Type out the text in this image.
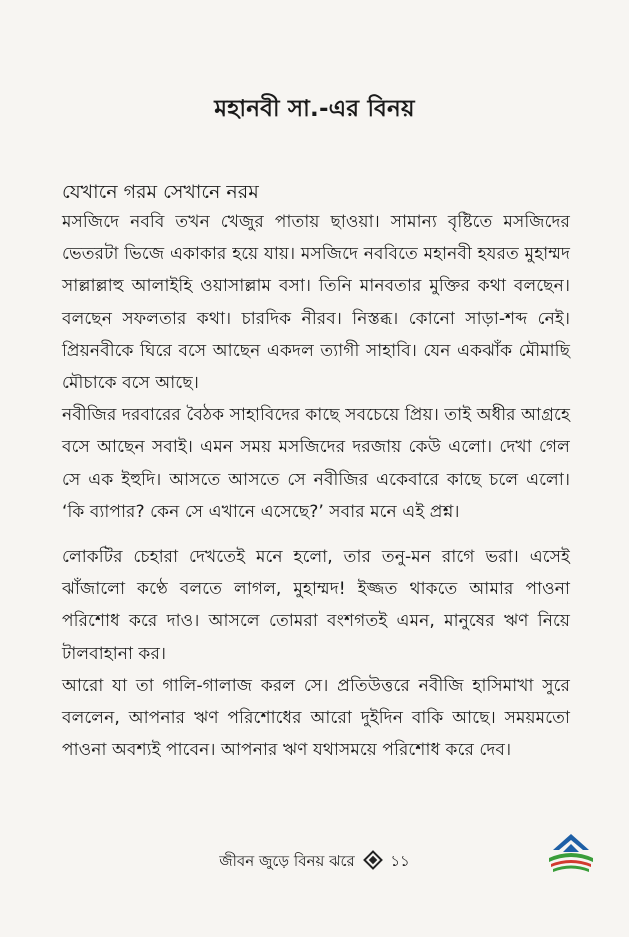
মহানবী সা.-এর বিনয়
যেখানে গরম সেখানে নরম

মসজিদে নববি তখন খেজুর পাতায় ছাওয়া। সামান্য বৃষ্টিতে মসজিদের ভেতরটা ভিজে একাকার হয়ে যায়। মসজিদে নববিতে মহানবী হযরত মুহাম্মদ সাল্লাল্লাহু আলাইহি ওয়াসাল্লাম বসা। তিনি মানবতার মুক্তির কথা বলছেন। বলছেন সফলতার কথা। চারদিক নীরব। নিস্তব্ধ। কোনো সাড়া-শব্দ নেই। প্রিয়নবীকে ঘিরে বসে আছেন একদল ত্যাগী সাহাবি। যেন একঝাঁক মৌমাছি মৌচাকে বসে আছে।

নবীজির দরবারের বৈঠক সাহাবিদের কাছে সবচেয়ে প্রিয়। তাই অধীর আগ্রহে বসে আছেন সবাই। এমন সময় মসজিদের দরজায় কেউ এলো। দেখা গেল সে এক ইহুদি। আসতে আসতে সে নবীজির একেবারে কাছে চলে এলো। ‘কি ব্যাপার? কেন সে এখানে এসেছে?’ সবার মনে এই প্রশ্ন।

লোকটির চেহারা দেখতেই মনে হলো, তার তনু-মন রাগে ভরা। এসেই ঝাঁজালো কণ্ঠে বলতে লাগল, মুহাম্মদ! ইজ্জত থাকতে আমার পাওনা পরিশোধ করে দাও। আসলে তোমরা বংশগতই এমন, মানুষের ঋণ নিয়ে টালবাহানা কর।

আরো যা তা গালি-গালাজ করল সে। প্রতিউত্তরে নবীজি হাসিমাখা সুরে বললেন, আপনার ঋণ পরিশোধের আরো দুইদিন বাকি আছে। সময়মতো পাওনা অবশ্যই পাবেন। আপনার ঋণ যথাসময়ে পরিশোধ করে দেব।

জীবন জুড়ে বিনয় ঝরে ১১
